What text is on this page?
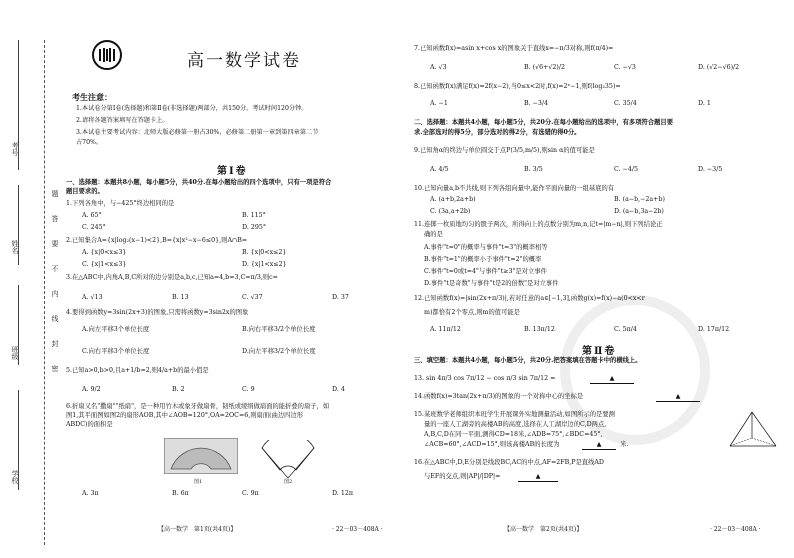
考号
姓名
班级
学校
题
答
要
不
内
线
封
密
高一数学试卷
考生注意：
1.本试卷分第Ⅰ卷(选择题)和第Ⅱ卷(非选择题)两部分，共150分。考试时间120分钟。
2.请将各题答案填写在答题卡上。
3.本试卷主要考试内容：北师大版必修第一册占30%，必修第二册第一章到第四章第二节
占70%。
第Ⅰ卷
一、选择题：本题共8小题，每小题5分，共40分.在每小题给出的四个选项中，只有一项是符合
题目要求的。
1.下列各角中，与−425°终边相同的是
A. 65°	B. 115°
C. 245°	D. 295°
2.已知集合A={x|log₂(x−1)<2},B={x|x²−x−6≤0},则A∩B=
A. {x|0<x≤3}	B. {x|0<x≤2}
C. {x|1<x≤3}	D. {x|1<x≤2}
3.在△ABC中,内角A,B,C所对的边分别是a,b,c,已知a=4,b=3,C=π/3,则c=
A. √13	B. 13	C. √37	D. 37
4.要得到函数y=3sin(2x+3)的图象,只需将函数y=3sin2x的图象
A.向左平移3个单位长度	B.向右平移3/2个单位长度
C.向右平移3个单位长度	D.向左平移3/2个单位长度
5.已知a>0,b>0,且a+1/b=2,则4/a+b的最小值是
A. 9/2	B. 2	C. 9	D. 4
6.折扇又名"撒扇""纸扇"，是一种用竹木或象牙做扇骨，韧纸或绫绢做扇面的能折叠的扇子，如
图1,其平面图如图2的扇形AOB,其中∠AOB=120°,OA=2OC=6,则扇面(曲边四边形
ABDC)的面积是
图1	图2
A. 3π	B. 6π	C. 9π	D. 12π
【高一数学　第1页(共4页)】	· 22－03－408A ·
7.已知函数f(x)=asin x+cos x的图象关于直线x=−π/3对称,则f(π/4)=
A. √3	B. (√6+√2)/2	C. −√3	D. (√2−√6)/2
8.已知函数f(x)满足f(x)=2f(x−2),当0≤x<2时,f(x)=2ˣ−1,则f(log₂35)=
A. −1	B. −3/4	C. 35/4	D. 1
二、选择题：本题共4小题，每小题5分，共20分.在每小题给出的选项中，有多项符合题目要
求.全部选对的得5分，部分选对的得2分，有选错的得0分。
9.已知角α的终边与单位圆交于点P(3/5,m/5),则sin α的值可能是
A. 4/5	B. 3/5	C. −4/5	D. −3/5
10.已知向量a,b不共线,则下列各组向量中,能作平面向量的一组基底的有
A. (a+b,2a+b)	B. (a−b,−2a+b)
C. (3a,a+2b)	D. (a−b,3a−2b)
11.连掷一枚质地均匀的骰子两次，所得向上的点数分别为m,n,记t=|m−n|,则下列结论正
确的是
A.事件"t=0"的概率与事件"t=3"的概率相等
B.事件"t=1"的概率小于事件"t=2"的概率
C.事件"t=0或t=4"与事件"t≥3"是对立事件
D.事件"t是奇数"与事件"t是2的倍数"是对立事件
12.已知函数f(x)=|sin(2x+π/3)|,若对任意的a∈[−1,3],函数g(x)=f(x)−a(0<x<r
m)都恰有2个零点,则m的值可能是
A. 11π/12	B. 13π/12	C. 5π/4	D. 17π/12
第Ⅱ卷
三、填空题：本题共4小题，每小题5分，共20分.把答案填在答题卡中的横线上。
13. sin 4π/3 cos 7π/12 − cos π/3 sin 7π/12 =	▲
14.函数f(x)=3tan(2x+π/3)的图象的一个对称中心的坐标是	▲
15.某班数学老师组织本班学生开展课外实地测量活动,如图所示的是要测
量的一座人工湖旁的高楼AB的高度,选择在人工湖岸边的C,D两点,
A,B,C,D在同一平面,测得CD=18米,∠ADB=75°,∠BDC=45°,
∠ACB=60°,∠ACD=15°,则该高楼AB的长度为	▲	米.
16.在△ABC中,D,E分别是线段BC,AC的中点,AF=2FB,P是直线AD
与EF的交点,则|AP|/|DP|=	▲
【高一数学　第2页(共4页)】	· 22－03－408A ·
